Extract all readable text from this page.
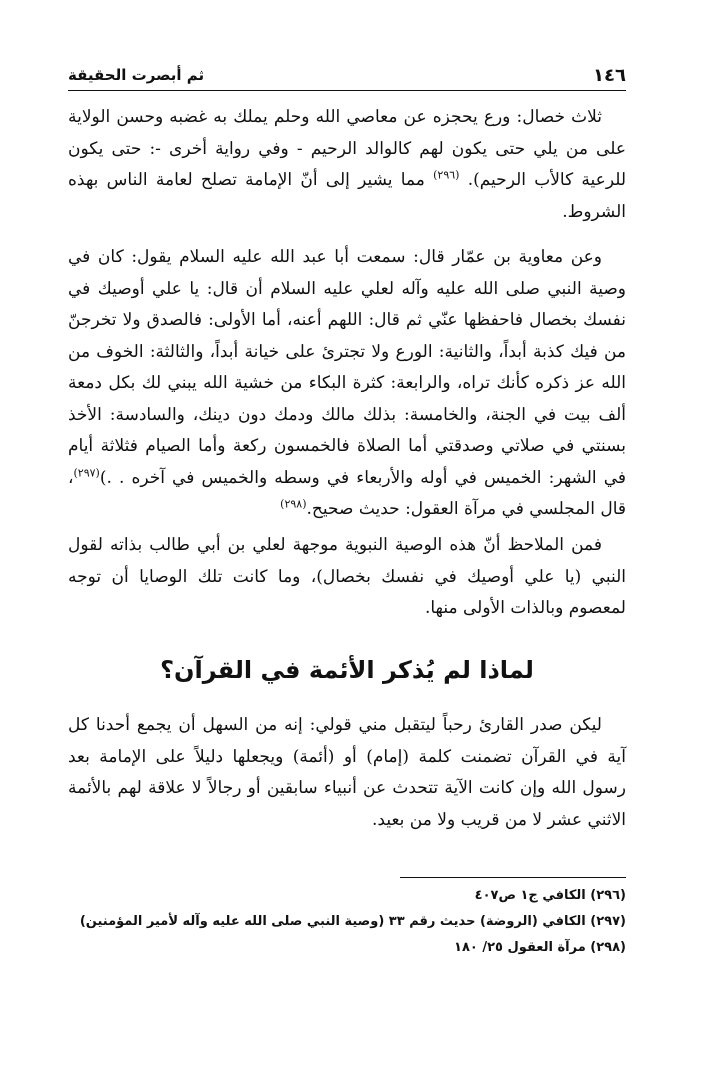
١٤٦
ثم أبصرت الحقيقة

ثلاث خصال: ورع يحجزه عن معاصي الله وحلم يملك به غضبه وحسن الولاية على من يلي حتى يكون لهم كالوالد الرحيم - وفي رواية أخرى -: حتى يكون للرعية كالأب الرحيم). $^{(٢٩٦)}$ مما يشير إلى أنّ الإمامة تصلح لعامة الناس بهذه الشروط.

وعن معاوية بن عمّار قال: سمعت أبا عبد الله عليه السلام يقول: كان في وصية النبي صلى الله عليه وآله لعلي عليه السلام أن قال: يا علي أوصيك في نفسك بخصال فاحفظها عنّي ثم قال: اللهم أعنه، أما الأولى: فالصدق ولا تخرجنّ من فيك كذبة أبداً، والثانية: الورع ولا تجترئ على خيانة أبداً، والثالثة: الخوف من الله عز ذكره كأنك تراه، والرابعة: كثرة البكاء من خشية الله يبني لك بكل دمعة ألف بيت في الجنة، والخامسة: بذلك مالك ودمك دون دينك، والسادسة: الأخذ بسنتي في صلاتي وصدقتي أما الصلاة فالخمسون ركعة وأما الصيام فثلاثة أيام في الشهر: الخميس في أوله والأربعاء في وسطه والخميس في آخره . .)$^{(٢٩٧)}$، قال المجلسي في مرآة العقول: حديث صحيح.$^{(٢٩٨)}$

فمن الملاحظ أنّ هذه الوصية النبوية موجهة لعلي بن أبي طالب بذاته لقول النبي (يا علي أوصيك في نفسك بخصال)، وما كانت تلك الوصايا أن توجه لمعصوم وبالذات الأولى منها.

لماذا لم يُذكر الأئمة في القرآن؟

ليكن صدر القارئ رحباً ليتقبل مني قولي: إنه من السهل أن يجمع أحدنا كل آية في القرآن تضمنت كلمة (إمام) أو (أئمة) ويجعلها دليلاً على الإمامة بعد رسول الله وإن كانت الآية تتحدث عن أنبياء سابقين أو رجالاً لا علاقة لهم بالأئمة الاثني عشر لا من قريب ولا من بعيد.

(٢٩٦) الكافي ج١ ص٤٠٧
(٢٩٧) الكافي (الروضة) حديث رقم ٣٣ (وصية النبي صلى الله عليه وآله لأمير المؤمنين)
(٢٩٨) مرآة العقول ٢٥/ ١٨٠
